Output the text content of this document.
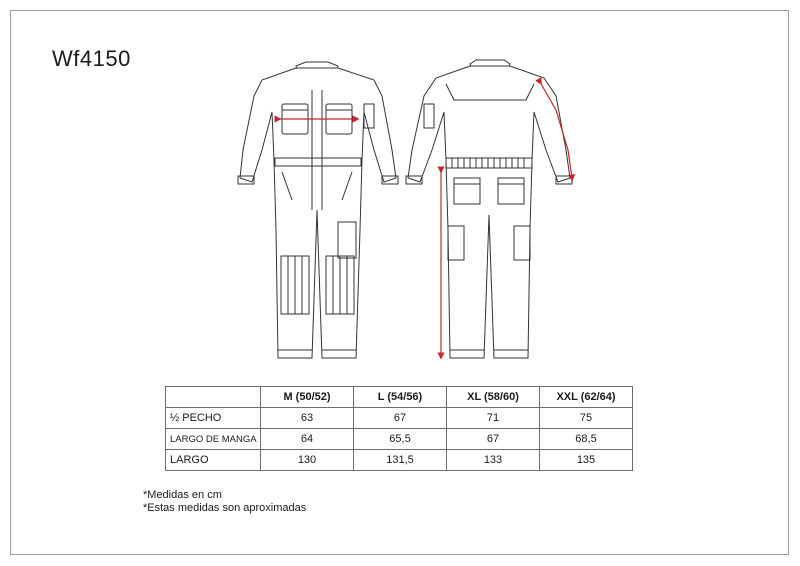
Wf4150
	M (50/52)	L (54/56)	XL (58/60)	XXL (62/64)
½ PECHO	63	67	71	75
LARGO DE MANGA	64	65,5	67	68,5
LARGO	130	131,5	133	135
*Medidas en cm
*Estas medidas son aproximadas
